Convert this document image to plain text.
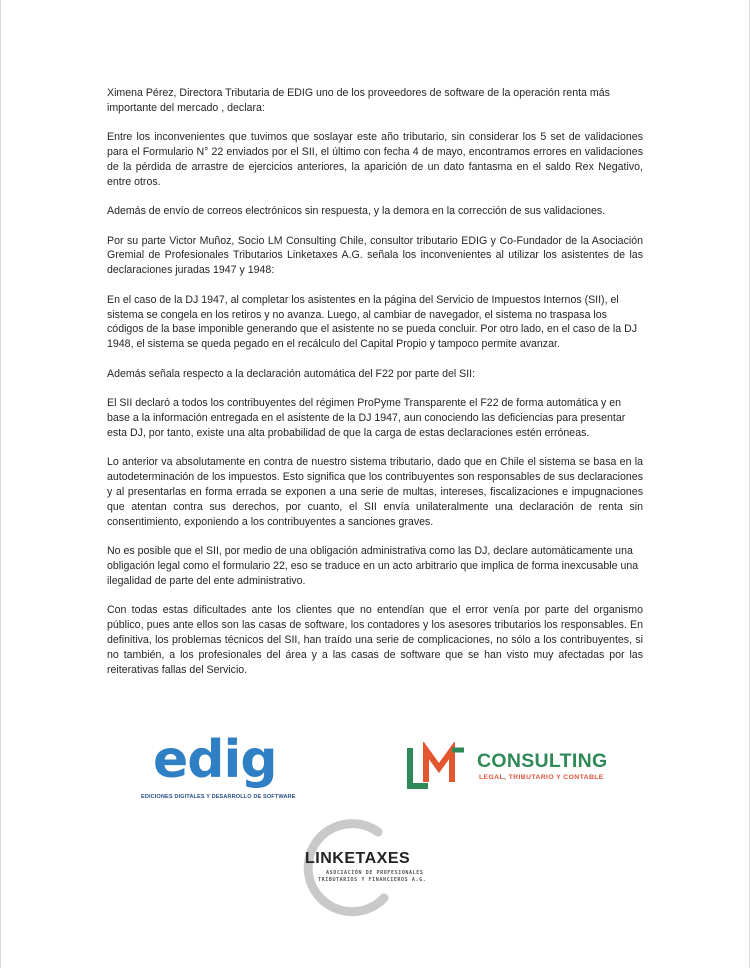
Ximena Pérez, Directora Tributaria de EDIG uno de los proveedores de software de la operación renta más importante del mercado , declara:

Entre los inconvenientes que tuvimos que soslayar este año tributario, sin considerar los 5 set de validaciones para el Formulario N° 22 enviados por el SII, el último con fecha 4 de mayo, encontramos errores en validaciones de la pérdida de arrastre de ejercicios anteriores, la aparición de un dato fantasma en el saldo Rex Negativo, entre otros.

Además de envío de correos electrónicos sin respuesta, y la demora en la corrección de sus validaciones.

Por su parte Victor Muñoz, Socio LM Consulting Chile, consultor tributario EDIG y Co-Fundador de la Asociación Gremial de Profesionales Tributarios Linketaxes A.G. señala los inconvenientes al utilizar los asistentes de las declaraciones juradas 1947 y 1948:

En el caso de la DJ 1947, al completar los asistentes en la página del Servicio de Impuestos Internos (SII), el sistema se congela en los retiros y no avanza. Luego, al cambiar de navegador, el sistema no traspasa los códigos de la base imponible generando que el asistente no se pueda concluir. Por otro lado, en el caso de la DJ 1948, el sistema se queda pegado en el recálculo del Capital Propio y tampoco permite avanzar.

Además señala respecto a la declaración automática del F22 por parte del SII:

El SII declaró a todos los contribuyentes del régimen ProPyme Transparente el F22 de forma automática y en base a la información entregada en el asistente de la DJ 1947, aun conociendo las deficiencias para presentar esta DJ, por tanto, existe una alta probabilidad de que la carga de estas declaraciones estén erróneas.

Lo anterior va absolutamente en contra de nuestro sistema tributario, dado que en Chile el sistema se basa en la autodeterminación de los impuestos. Esto significa que los contribuyentes son responsables de sus declaraciones y al presentarlas en forma errada se exponen a una serie de multas, intereses, fiscalizaciones e impugnaciones que atentan contra sus derechos, por cuanto, el SII envía unilateralmente una declaración de renta sin consentimiento, exponiendo a los contribuyentes a sanciones graves.

No es posible que el SII, por medio de una obligación administrativa como las DJ, declare automáticamente una obligación legal como el formulario 22, eso se traduce en un acto arbitrario que implica de forma inexcusable una ilegalidad de parte del ente administrativo.

Con todas estas dificultades ante los clientes que no entendían que el error venía por parte del organismo público, pues ante ellos son las casas de software, los contadores y los asesores tributarios los responsables. En definitiva, los problemas técnicos del SII, han traído una serie de complicaciones, no sólo a los contribuyentes, si no también, a los profesionales del área y a las casas de software que se han visto muy afectadas por las reiterativas fallas del Servicio.

edig
EDICIONES DIGITALES Y DESARROLLO DE SOFTWARE
CONSULTING
LEGAL, TRIBUTARIO Y CONTABLE
LINKETAXES
ASOCIACIÓN DE PROFESIONALES
TRIBUTARIOS Y FINANCIEROS A.G.
